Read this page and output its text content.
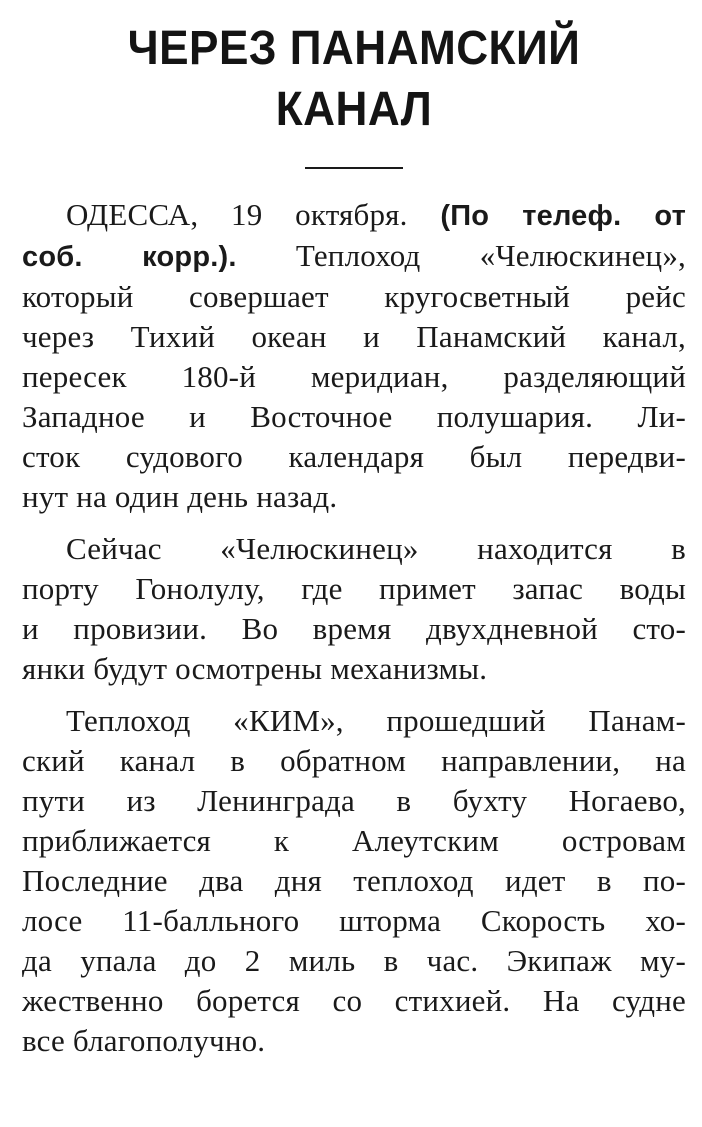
ЧЕРЕЗ ПАНАМСКИЙ
КАНАЛ

ОДЕССА, 19 октября. (По телеф. от
соб. корр.). Теплоход «Челюскинец»,
который совершает кругосветный рейс
через Тихий океан и Панамский канал,
пересек 180-й меридиан, разделяющий
Западное и Восточное полушария. Ли-
сток судового календаря был передви-
нут на один день назад.

Сейчас «Челюскинец» находится в
порту Гонолулу, где примет запас воды
и провизии. Во время двухдневной сто-
янки будут осмотрены механизмы.

Теплоход «КИМ», прошедший Панам-
ский канал в обратном направлении, на
пути из Ленинграда в бухту Ногаево,
приближается к Алеутским островам
Последние два дня теплоход идет в по-
лосе 11-балльного шторма Скорость хо-
да упала до 2 миль в час. Экипаж му-
жественно борется со стихией. На судне
все благополучно.
